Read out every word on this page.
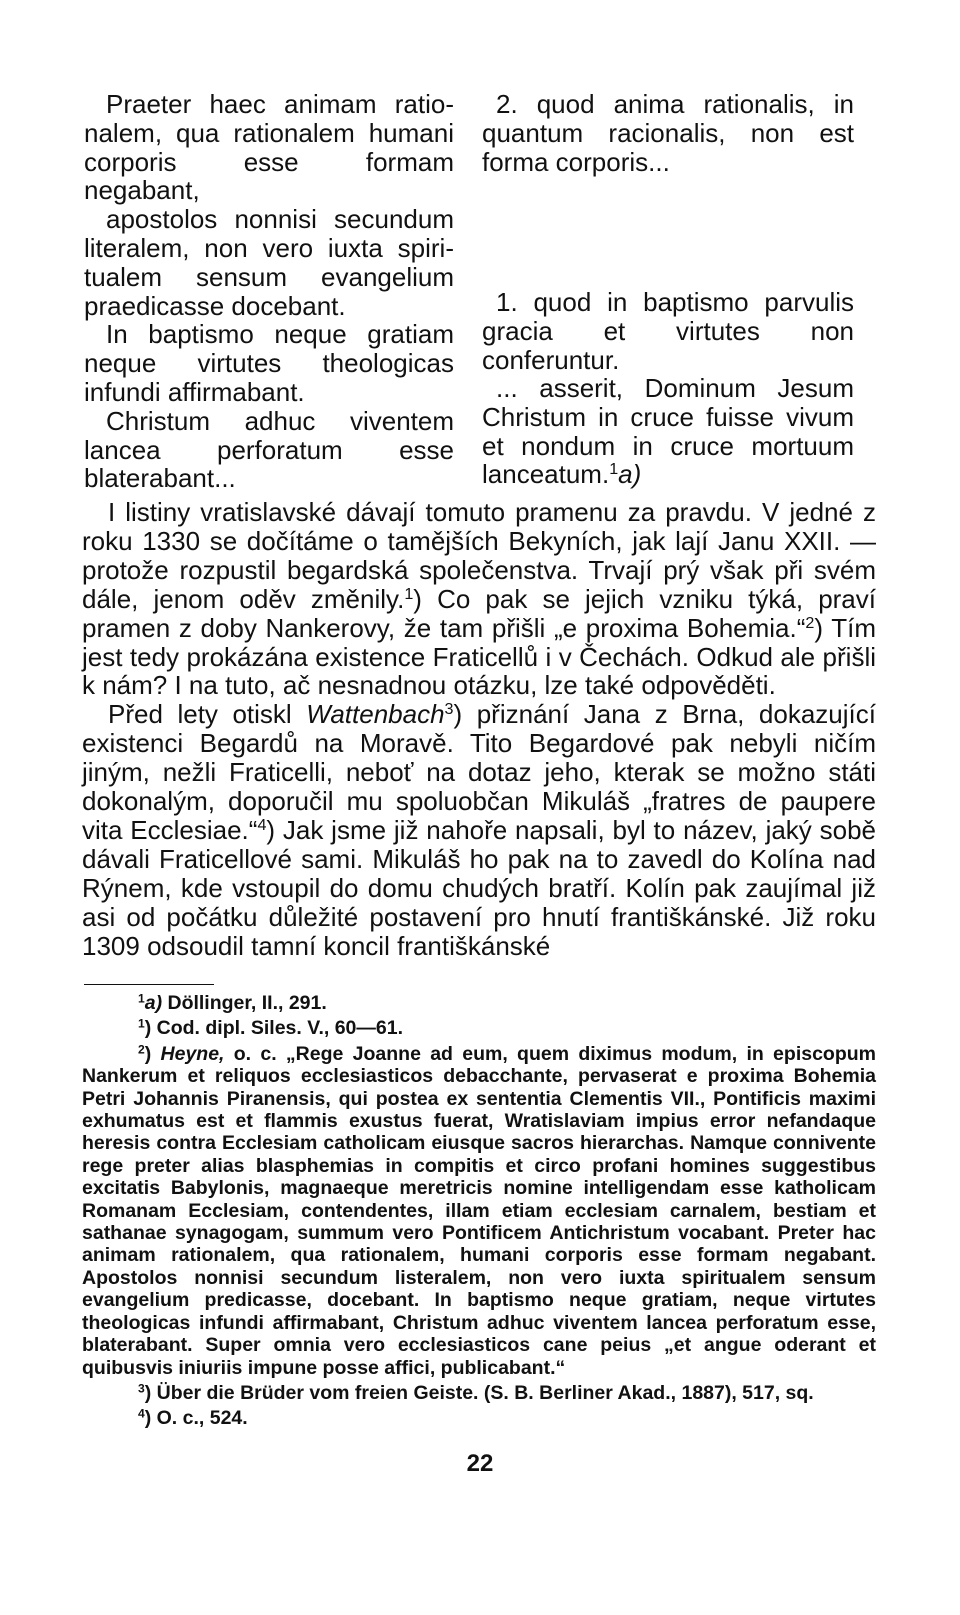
Praeter haec animam rationalem, qua rationalem humani corporis esse formam negabant,

apostolos nonnisi secundum literalem, non vero iuxta spiritualem sensum evangelium praedicasse docebant.

In baptismo neque gratiam neque virtutes theologicas infundi affirmabant.

Christum adhuc viventem lancea perforatum esse blaterabant...

2. quod anima rationalis, in quantum racionalis, non est forma corporis...

1. quod in baptismo parvulis gracia et virtutes non conferuntur.

... asserit, Dominum Jesum Christum in cruce fuisse vivum et nondum in cruce mortuum lanceatum.$^1$a)

I listiny vratislavské dávají tomuto pramenu za pravdu. V jedné z roku 1330 se dočítáme o tamějších Bekyních, jak lají Janu XXII. — protože rozpustil begardská společenstva. Trvají prý však při svém dále, jenom oděv změnily.$^1$) Co pak se jejich vzniku týká, praví pramen z doby Nankerovy, že tam přišli „e proxima Bohemia.“$^2$) Tím jest tedy prokázána existence Fraticellů i v Čechách. Odkud ale přišli k nám? I na tuto, ač nesnadnou otázku, lze také odpověděti.

Před lety otiskl Wattenbach$^3$) přiznání Jana z Brna, dokazující existenci Begardů na Moravě. Tito Begardové pak nebyli ničím jiným, nežli Fraticelli, neboť na dotaz jeho, kterak se možno státi dokonalým, doporučil mu spoluobčan Mikuláš „fratres de paupere vita Ecclesiae.“$^4$) Jak jsme již nahoře napsali, byl to název, jaký sobě dávali Fraticellové sami. Mikuláš ho pak na to zavedl do Kolína nad Rýnem, kde vstoupil do domu chudých bratří. Kolín pak zaujímal již asi od počátku důležité postavení pro hnutí františkánské. Již roku 1309 odsoudil tamní koncil františkánské

$^1$a) Döllinger, II., 291.

$^1$) Cod. dipl. Siles. V., 60—61.

$^2$) Heyne, o. c. „Rege Joanne ad eum, quem diximus modum, in episcopum Nankerum et reliquos ecclesiasticos debacchante, pervaserat e proxima Bohemia Petri Johannis Piranensis, qui postea ex sententia Clementis VII., Pontificis maximi exhumatus est et flammis exustus fuerat, Wratislaviam impius error nefandaque heresis contra Ecclesiam catholicam eiusque sacros hierarchas. Namque connivente rege preter alias blasphemias in compitis et circo profani homines suggestibus excitatis Babylonis, magnaeque meretricis nomine intelligendam esse katholicam Romanam Ecclesiam, contendentes, illam etiam ecclesiam carnalem, bestiam et sathanae synagogam, summum vero Pontificem Antichristum vocabant. Preter hac animam rationalem, qua rationalem, humani corporis esse formam negabant. Apostolos nonnisi secundum listeralem, non vero iuxta spiritualem sensum evangelium predicasse, docebant. In baptismo neque gratiam, neque virtutes theologicas infundi affirmabant, Christum adhuc viventem lancea perforatum esse, blaterabant. Super omnia vero ecclesiasticos cane peius „et angue oderant et quibusvis iniuriis impune posse affici, publicabant.“

$^3$) Über die Brüder vom freien Geiste. (S. B. Berliner Akad., 1887), 517, sq.

$^4$) O. c., 524.

22
